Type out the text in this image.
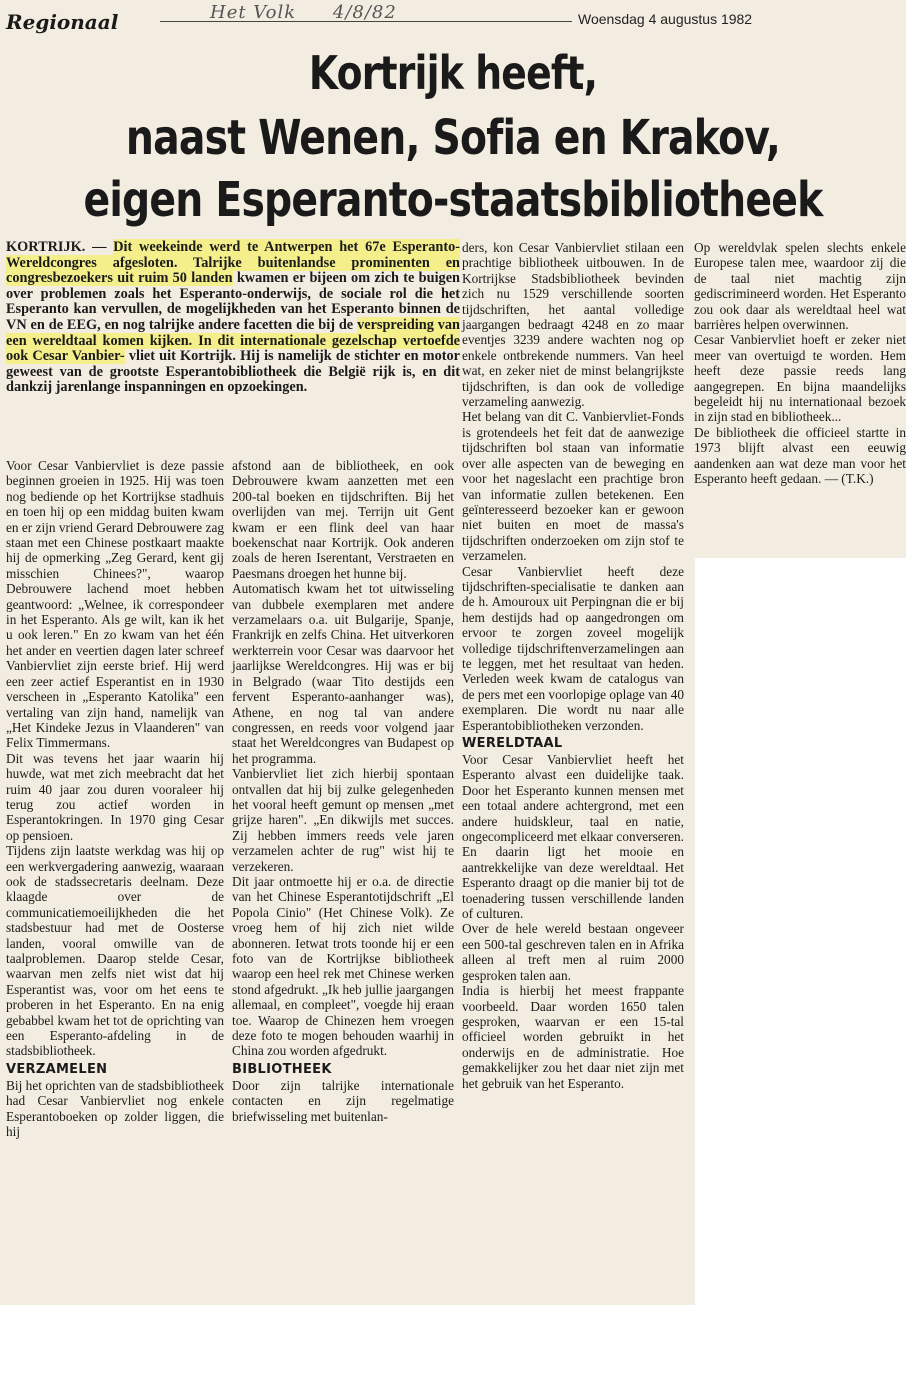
Regionaal	Het Volk 4/8/82	Woensdag 4 augustus 1982
Kortrijk heeft,
naast Wenen, Sofia en Krakov,
eigen Esperanto-staatsbibliotheek
KORTRIJK. — Dit weekeinde werd te Antwerpen het 67e Esperanto-Wereldcongres afgesloten. Talrijke buitenlandse prominenten en congresbezoekers uit ruim 50 landen kwamen er bijeen om zich te buigen over problemen zoals het Esperanto-onderwijs, de sociale rol die het Esperanto kan vervullen, de mogelijkheden van het Esperanto binnen de VN en de EEG, en nog talrijke andere facetten die bij de verspreiding van een wereldtaal komen kijken. In dit internationale gezelschap vertoefde ook Cesar Vanbier- vliet uit Kortrijk. Hij is namelijk de stichter en motor geweest van de grootste Esperantobibliotheek die België rijk is, en dit dankzij jarenlange inspanningen en opzoekingen.

Voor Cesar Vanbiervliet is deze passie beginnen groeien in 1925. Hij was toen nog bediende op het Kortrijkse stadhuis en toen hij op een middag buiten kwam en er zijn vriend Gerard Debrouwere zag staan met een Chinese postkaart maakte hij de opmerking „Zeg Gerard, kent gij misschien Chinees?", waarop Debrouwere lachend moet hebben geantwoord: „Welnee, ik correspondeer in het Esperanto. Als ge wilt, kan ik het u ook leren." En zo kwam van het één het ander en veertien dagen later schreef Vanbiervliet zijn eerste brief. Hij werd een zeer actief Esperantist en in 1930 verscheen in „Esperanto Katolika" een vertaling van zijn hand, namelijk van „Het Kindeke Jezus in Vlaanderen" van Felix Timmermans.

Dit was tevens het jaar waarin hij huwde, wat met zich meebracht dat het ruim 40 jaar zou duren vooraleer hij terug zou actief worden in Esperantokringen. In 1970 ging Cesar op pensioen.

Tijdens zijn laatste werkdag was hij op een werkvergadering aanwezig, waaraan ook de stadssecretaris deelnam. Deze klaagde over de communicatiemoeilijkheden die het stadsbestuur had met de Oosterse landen, vooral omwille van de taalproblemen. Daarop stelde Cesar, waarvan men zelfs niet wist dat hij Esperantist was, voor om het eens te proberen in het Esperanto. En na enig gebabbel kwam het tot de oprichting van een Esperanto-afdeling in de stadsbibliotheek.

VERZAMELEN

Bij het oprichten van de stadsbibliotheek had Cesar Vanbiervliet nog enkele Esperantoboeken op zolder liggen, die hij

afstond aan de bibliotheek, en ook Debrouwere kwam aanzetten met een 200-tal boeken en tijdschriften. Bij het overlijden van mej. Terrijn uit Gent kwam er een flink deel van haar boekenschat naar Kortrijk. Ook anderen zoals de heren Iserentant, Verstraeten en Paesmans droegen het hunne bij.

Automatisch kwam het tot uitwisseling van dubbele exemplaren met andere verzamelaars o.a. uit Bulgarije, Spanje, Frankrijk en zelfs China. Het uitverkoren werkterrein voor Cesar was daarvoor het jaarlijkse Wereldcongres. Hij was er bij in Belgrado (waar Tito destijds een fervent Esperanto-aanhanger was), Athene, en nog tal van andere congressen, en reeds voor volgend jaar staat het Wereldcongres van Budapest op het programma.

Vanbiervliet liet zich hierbij spontaan ontvallen dat hij bij zulke gelegenheden het vooral heeft gemunt op mensen „met grijze haren". „En dikwijls met succes. Zij hebben immers reeds vele jaren verzamelen achter de rug" wist hij te verzekeren.

Dit jaar ontmoette hij er o.a. de directie van het Chinese Esperantotijdschrift „El Popola Cinio" (Het Chinese Volk). Ze vroeg hem of hij zich niet wilde abonneren. Ietwat trots toonde hij er een foto van de Kortrijkse bibliotheek waarop een heel rek met Chinese werken stond afgedrukt. „Ik heb jullie jaargangen allemaal, en compleet", voegde hij eraan toe. Waarop de Chinezen hem vroegen deze foto te mogen behouden waarhij in China zou worden afgedrukt.

BIBLIOTHEEK

Door zijn talrijke internationale contacten en zijn regelmatige briefwisseling met buitenlan-

ders, kon Cesar Vanbiervliet stilaan een prachtige bibliotheek uitbouwen. In de Kortrijkse Stadsbibliotheek bevinden zich nu 1529 verschillende soorten tijdschriften, het aantal volledige jaargangen bedraagt 4248 en zo maar eventjes 3239 andere wachten nog op enkele ontbrekende nummers. Van heel wat, en zeker niet de minst belangrijkste tijdschriften, is dan ook de volledige verzameling aanwezig.

Het belang van dit C. Vanbiervliet-Fonds is grotendeels het feit dat de aanwezige tijdschriften bol staan van informatie over alle aspecten van de beweging en voor het nageslacht een prachtige bron van informatie zullen betekenen. Een geïnteresseerd bezoeker kan er gewoon niet buiten en moet de massa's tijdschriften onderzoeken om zijn stof te verzamelen.

Cesar Vanbiervliet heeft deze tijdschriften-specialisatie te danken aan de h. Amouroux uit Perpingnan die er bij hem destijds had op aangedrongen om ervoor te zorgen zoveel mogelijk volledige tijdschriftenverzamelingen aan te leggen, met het resultaat van heden. Verleden week kwam de catalogus van de pers met een voorlopige oplage van 40 exemplaren. Die wordt nu naar alle Esperantobibliotheken verzonden.

WERELDTAAL

Voor Cesar Vanbiervliet heeft het Esperanto alvast een duidelijke taak. Door het Esperanto kunnen mensen met een totaal andere achtergrond, met een andere huidskleur, taal en natie, ongecompliceerd met elkaar converseren. En daarin ligt het mooie en aantrekkelijke van deze wereldtaal. Het Esperanto draagt op die manier bij tot de toenadering tussen verschillende landen of culturen.

Over de hele wereld bestaan ongeveer een 500-tal geschreven talen en in Afrika alleen al treft men al ruim 2000 gesproken talen aan.

India is hierbij het meest frappante voorbeeld. Daar worden 1650 talen gesproken, waarvan er een 15-tal officieel worden gebruikt in het onderwijs en de administratie. Hoe gemakkelijker zou het daar niet zijn met het gebruik van het Esperanto.

Op wereldvlak spelen slechts enkele Europese talen mee, waardoor zij die de taal niet machtig zijn gediscrimineerd worden. Het Esperanto zou ook daar als wereldtaal heel wat barrières helpen overwinnen.

Cesar Vanbiervliet hoeft er zeker niet meer van overtuigd te worden. Hem heeft deze passie reeds lang aangegrepen. En bijna maandelijks begeleidt hij nu internationaal bezoek in zijn stad en bibliotheek...

De bibliotheek die officieel startte in 1973 blijft alvast een eeuwig aandenken aan wat deze man voor het Esperanto heeft gedaan. — (T.K.)
